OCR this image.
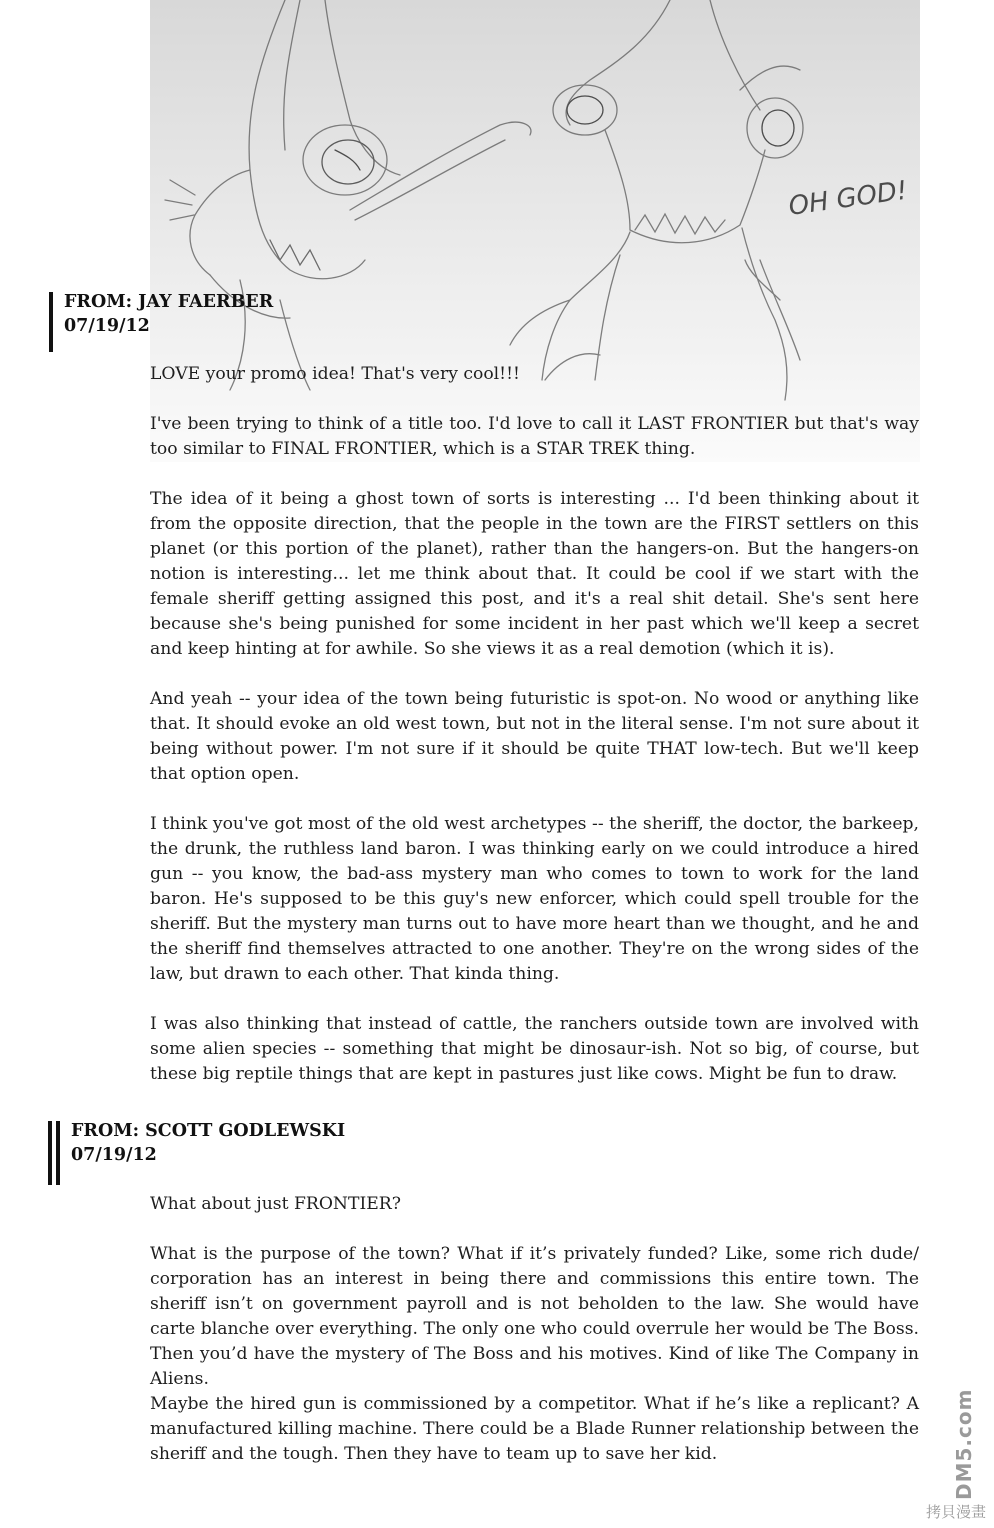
OH GOD!
FROM: JAY FAERBER
07/19/12

LOVE your promo idea! That's very cool!!!

I've been trying to think of a title too. I'd love to call it LAST FRONTIER but that's way too similar to FINAL FRONTIER, which is a STAR TREK thing.

The idea of it being a ghost town of sorts is interesting ... I'd been thinking about it from the opposite direction, that the people in the town are the FIRST settlers on this planet (or this portion of the planet), rather than the hangers-on. But the hangers-on notion is interesting... let me think about that. It could be cool if we start with the female sheriff getting assigned this post, and it's a real shit detail. She's sent here because she's being punished for some incident in her past which we'll keep a secret and keep hinting at for awhile. So she views it as a real demotion (which it is).

And yeah -- your idea of the town being futuristic is spot-on. No wood or anything like that. It should evoke an old west town, but not in the literal sense. I'm not sure about it being without power. I'm not sure if it should be quite THAT low-tech. But we'll keep that option open.

I think you've got most of the old west archetypes -- the sheriff, the doctor, the barkeep, the drunk, the ruthless land baron. I was thinking early on we could introduce a hired gun -- you know, the bad-ass mystery man who comes to town to work for the land baron. He's supposed to be this guy's new enforcer, which could spell trouble for the sheriff. But the mystery man turns out to have more heart than we thought, and he and the sheriff find themselves attracted to one another. They're on the wrong sides of the law, but drawn to each other. That kinda thing.

I was also thinking that instead of cattle, the ranchers outside town are involved with some alien species -- something that might be dinosaur-ish. Not so big, of course, but these big reptile things that are kept in pastures just like cows. Might be fun to draw.

FROM: SCOTT GODLEWSKI
07/19/12

What about just FRONTIER?

What is the purpose of the town? What if it’s privately funded? Like, some rich dude/ corporation has an interest in being there and commissions this entire town. The sheriff isn’t on government payroll and is not beholden to the law. She would have carte blanche over everything. The only one who could overrule her would be The Boss. Then you’d have the mystery of The Boss and his motives. Kind of like The Company in Aliens.

Maybe the hired gun is commissioned by a competitor. What if he’s like a replicant? A manufactured killing machine. There could be a Blade Runner relationship between the sheriff and the tough. Then they have to team up to save her kid.	DM5.com
拷貝漫畫
